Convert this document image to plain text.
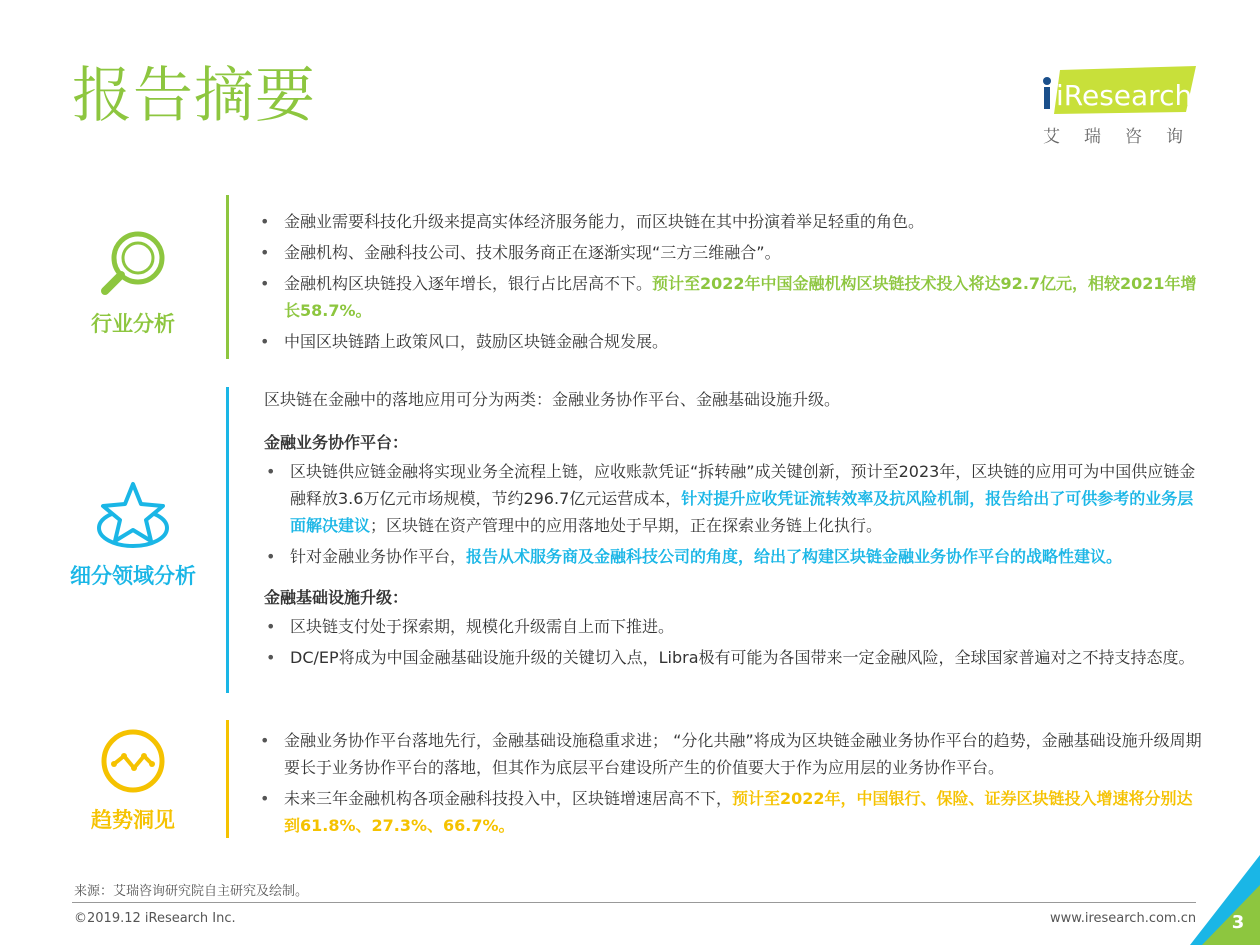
报告摘要	iResearch
艾瑞咨询
行业分析
• 金融业需要科技化升级来提高实体经济服务能力，而区块链在其中扮演着举足轻重的角色。
• 金融机构、金融科技公司、技术服务商正在逐渐实现“三方三维融合”。
• 金融机构区块链投入逐年增长，银行占比居高不下。预计至2022年中国金融机构区块链技术投入将达92.7亿元，相较2021年增长58.7%。
• 中国区块链踏上政策风口，鼓励区块链金融合规发展。
细分领域分析
区块链在金融中的落地应用可分为两类：金融业务协作平台、金融基础设施升级。
金融业务协作平台：
• 区块链供应链金融将实现业务全流程上链，应收账款凭证“拆转融”成关键创新，预计至2023年，区块链的应用可为中国供应链金融释放3.6万亿元市场规模，节约296.7亿元运营成本，针对提升应收凭证流转效率及抗风险机制，报告给出了可供参考的业务层面解决建议；区块链在资产管理中的应用落地处于早期，正在探索业务链上化执行。
• 针对金融业务协作平台，报告从术服务商及金融科技公司的角度，给出了构建区块链金融业务协作平台的战略性建议。
金融基础设施升级：
• 区块链支付处于探索期，规模化升级需自上而下推进。
• DC/EP将成为中国金融基础设施升级的关键切入点，Libra极有可能为各国带来一定金融风险，全球国家普遍对之不持支持态度。
趋势洞见
• 金融业务协作平台落地先行，金融基础设施稳重求进； “分化共融”将成为区块链金融业务协作平台的趋势，金融基础设施升级周期要长于业务协作平台的落地，但其作为底层平台建设所产生的价值要大于作为应用层的业务协作平台。
• 未来三年金融机构各项金融科技投入中，区块链增速居高不下，预计至2022年，中国银行、保险、证券区块链投入增速将分别达到61.8%、27.3%、66.7%。
来源：艾瑞咨询研究院自主研究及绘制。
©2019.12 iResearch Inc.	www.iresearch.com.cn	3
